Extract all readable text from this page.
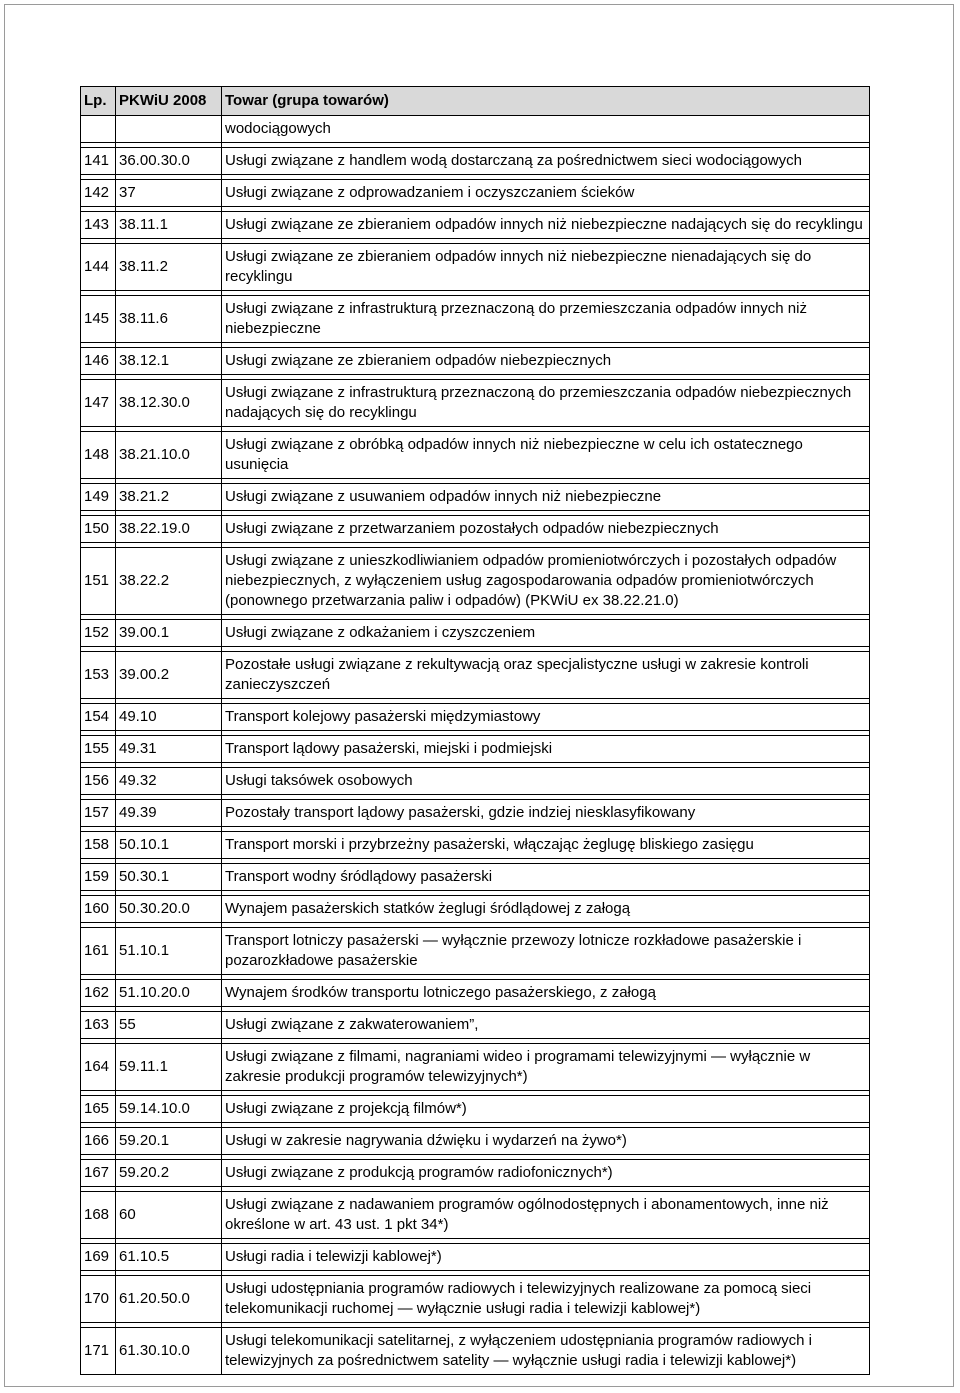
Lp.	PKWiU 2008	Towar (grupa towarów)
		wodociągowych

141	36.00.30.0	Usługi związane z handlem wodą dostarczaną za pośrednictwem sieci wodociągowych

142	37	Usługi związane z odprowadzaniem i oczyszczaniem ścieków

143	38.11.1	Usługi związane ze zbieraniem odpadów innych niż niebezpieczne nadających się do recyklingu

144	38.11.2	Usługi związane ze zbieraniem odpadów innych niż niebezpieczne nienadających się do recyklingu

145	38.11.6	Usługi związane z infrastrukturą przeznaczoną do przemieszczania odpadów innych niż niebezpieczne

146	38.12.1	Usługi związane ze zbieraniem odpadów niebezpiecznych

147	38.12.30.0	Usługi związane z infrastrukturą przeznaczoną do przemieszczania odpadów niebezpiecznych nadających się do recyklingu

148	38.21.10.0	Usługi związane z obróbką odpadów innych niż niebezpieczne w celu ich ostatecznego usunięcia

149	38.21.2	Usługi związane z usuwaniem odpadów innych niż niebezpieczne

150	38.22.19.0	Usługi związane z przetwarzaniem pozostałych odpadów niebezpiecznych

151	38.22.2	Usługi związane z unieszkodliwianiem odpadów promieniotwórczych i pozostałych odpadów niebezpiecznych, z wyłączeniem usług zagospodarowania odpadów promieniotwórczych (ponownego przetwarzania paliw i odpadów) (PKWiU ex 38.22.21.0)

152	39.00.1	Usługi związane z odkażaniem i czyszczeniem

153	39.00.2	Pozostałe usługi związane z rekultywacją oraz specjalistyczne usługi w zakresie kontroli zanieczyszczeń

154	49.10	Transport kolejowy pasażerski międzymiastowy

155	49.31	Transport lądowy pasażerski, miejski i podmiejski

156	49.32	Usługi taksówek osobowych

157	49.39	Pozostały transport lądowy pasażerski, gdzie indziej niesklasyfikowany

158	50.10.1	Transport morski i przybrzeżny pasażerski, włączając żeglugę bliskiego zasięgu

159	50.30.1	Transport wodny śródlądowy pasażerski

160	50.30.20.0	Wynajem pasażerskich statków żeglugi śródlądowej z załogą

161	51.10.1	Transport lotniczy pasażerski — wyłącznie przewozy lotnicze rozkładowe pasażerskie i pozarozkładowe pasażerskie

162	51.10.20.0	Wynajem środków transportu lotniczego pasażerskiego, z załogą

163	55	Usługi związane z zakwaterowaniem”,

164	59.11.1	Usługi związane z filmami, nagraniami wideo i programami telewizyjnymi — wyłącznie w zakresie produkcji programów telewizyjnych*)

165	59.14.10.0	Usługi związane z projekcją filmów*)

166	59.20.1	Usługi w zakresie nagrywania dźwięku i wydarzeń na żywo*)

167	59.20.2	Usługi związane z produkcją programów radiofonicznych*)

168	60	Usługi związane z nadawaniem programów ogólnodostępnych i abonamentowych, inne niż określone w art. 43 ust. 1 pkt 34*)

169	61.10.5	Usługi radia i telewizji kablowej*)

170	61.20.50.0	Usługi udostępniania programów radiowych i telewizyjnych realizowane za pomocą sieci telekomunikacji ruchomej — wyłącznie usługi radia i telewizji kablowej*)

171	61.30.10.0	Usługi telekomunikacji satelitarnej, z wyłączeniem udostępniania programów radiowych i telewizyjnych za pośrednictwem satelity — wyłącznie usługi radia i telewizji kablowej*)
